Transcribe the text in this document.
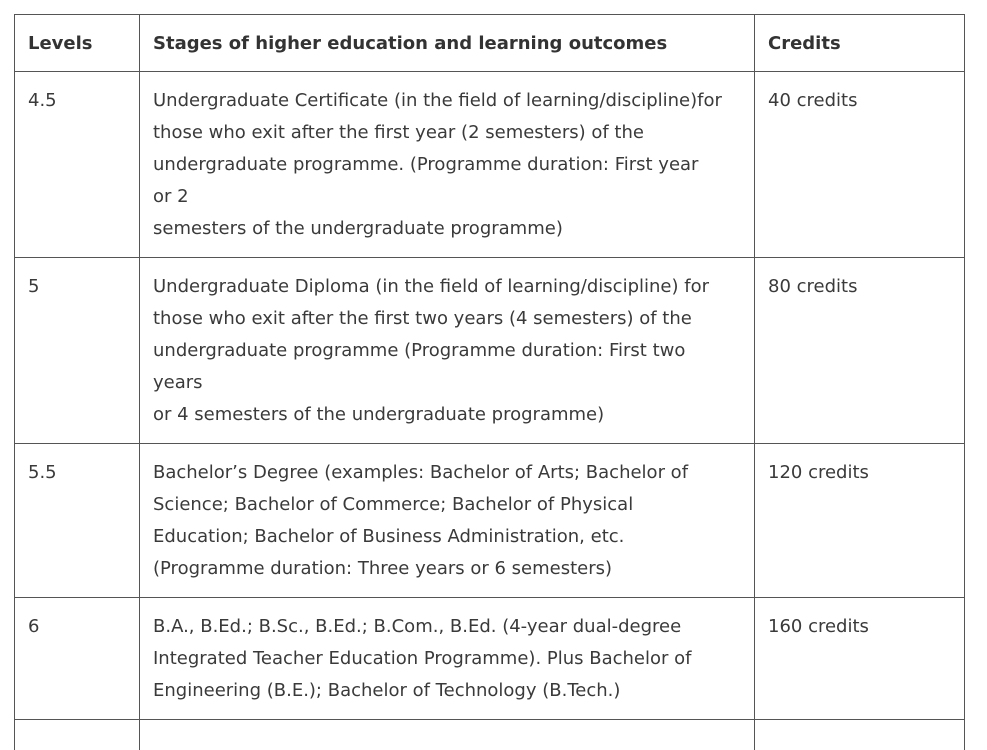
Levels	Stages of higher education and learning outcomes	Credits
4.5	Undergraduate Certificate (in the field of learning/discipline)for
those who exit after the first year (2 semesters) of the
undergraduate programme. (Programme duration: First year
or 2
semesters of the undergraduate programme)	40 credits
5	Undergraduate Diploma (in the field of learning/discipline) for
those who exit after the first two years (4 semesters) of the
undergraduate programme (Programme duration: First two
years
or 4 semesters of the undergraduate programme)	80 credits
5.5	Bachelor’s Degree (examples: Bachelor of Arts; Bachelor of
Science; Bachelor of Commerce; Bachelor of Physical
Education; Bachelor of Business Administration, etc.
(Programme duration: Three years or 6 semesters)	120 credits
6	B.A., B.Ed.; B.Sc., B.Ed.; B.Com., B.Ed. (4-year dual-degree
Integrated Teacher Education Programme). Plus Bachelor of
Engineering (B.E.); Bachelor of Technology (B.Tech.)	160 credits
